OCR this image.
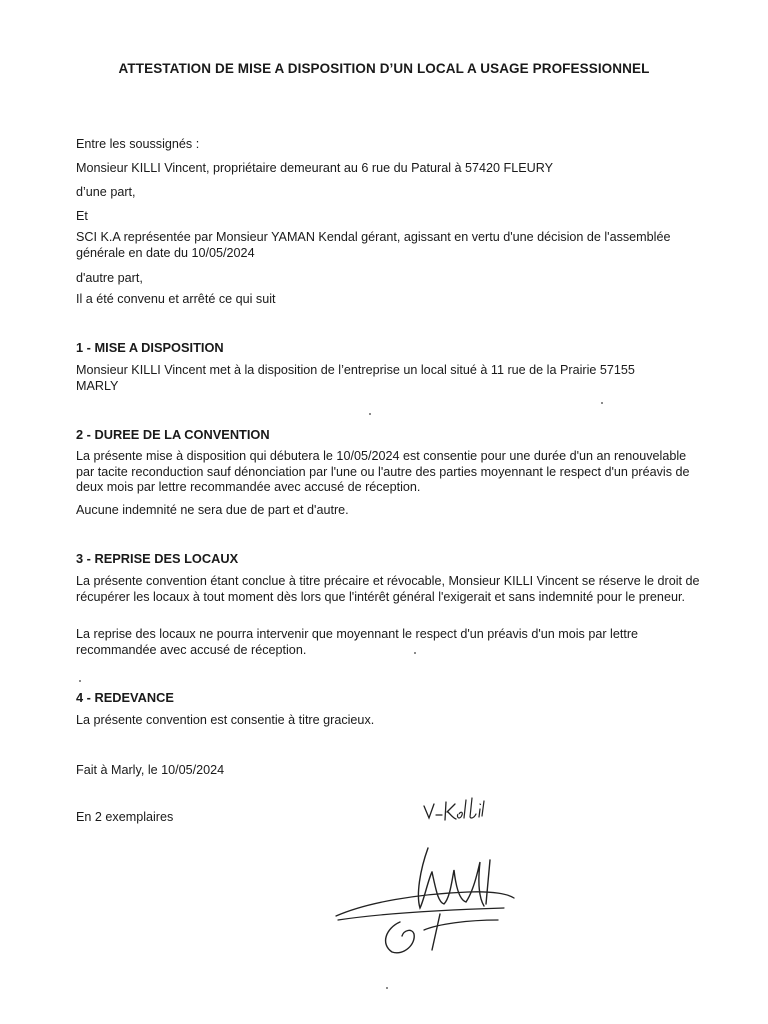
ATTESTATION DE MISE A DISPOSITION D’UN LOCAL A USAGE PROFESSIONNEL

Entre les soussignés :

Monsieur KILLI Vincent, propriétaire demeurant au 6 rue du Patural à 57420 FLEURY

d’une part,

Et

SCI K.A représentée par Monsieur YAMAN Kendal gérant, agissant en vertu d'une décision de l'assemblée générale en date du 10/05/2024

d'autre part,

Il a été convenu et arrêté ce qui suit

1 - MISE A DISPOSITION

Monsieur KILLI Vincent met à la disposition de l’entreprise un local situé à 11 rue de la Prairie 57155 MARLY

2 - DUREE DE LA CONVENTION

La présente mise à disposition qui débutera le 10/05/2024 est consentie pour une durée d'un an renouvelable par tacite reconduction sauf dénonciation par l'une ou l'autre des parties moyennant le respect d'un préavis de deux mois par lettre recommandée avec accusé de réception.

Aucune indemnité ne sera due de part et d'autre.

3 - REPRISE DES LOCAUX

La présente convention étant conclue à titre précaire et révocable, Monsieur KILLI Vincent se réserve le droit de récupérer les locaux à tout moment dès lors que l'intérêt général l'exigerait et sans indemnité pour le preneur.

La reprise des locaux ne pourra intervenir que moyennant le respect d'un préavis d'un mois par lettre recommandée avec accusé de réception.

4 - REDEVANCE

La présente convention est consentie à titre gracieux.

Fait à Marly, le 10/05/2024

En 2 exemplaires
